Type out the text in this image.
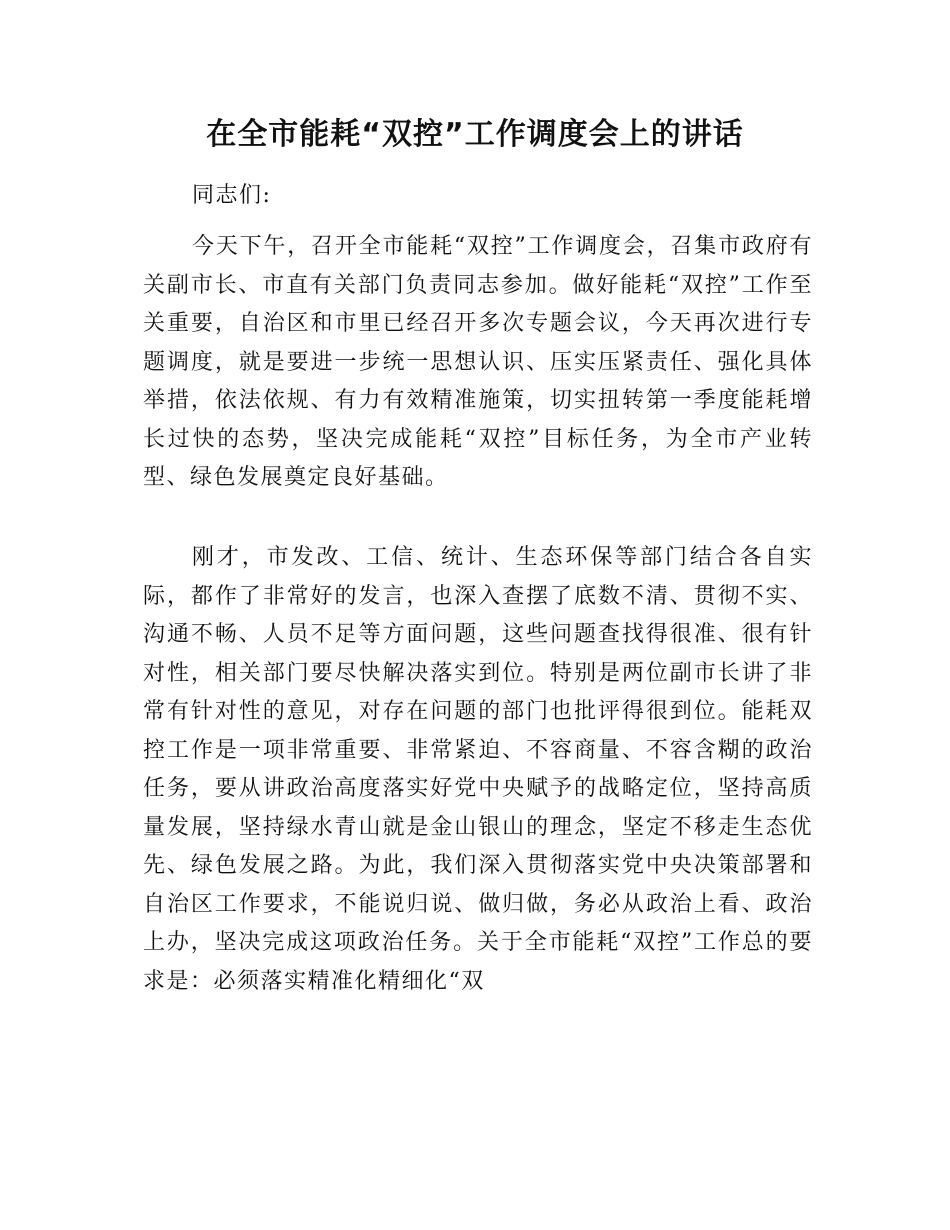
在全市能耗“双控”工作调度会上的讲话

同志们:

今天下午，召开全市能耗“双控”工作调度会，召集市政府有关副市长、市直有关部门负责同志参加。做好能耗“双控”工作至关重要，自治区和市里已经召开多次专题会议，今天再次进行专题调度，就是要进一步统一思想认识、压实压紧责任、强化具体举措，依法依规、有力有效精准施策，切实扭转第一季度能耗增长过快的态势，坚决完成能耗“双控”目标任务，为全市产业转型、绿色发展奠定良好基础。

刚才，市发改、工信、统计、生态环保等部门结合各自实际，都作了非常好的发言，也深入查摆了底数不清、贯彻不实、沟通不畅、人员不足等方面问题，这些问题查找得很准、很有针对性，相关部门要尽快解决落实到位。特别是两位副市长讲了非常有针对性的意见，对存在问题的部门也批评得很到位。能耗双控工作是一项非常重要、非常紧迫、不容商量、不容含糊的政治任务，要从讲政治高度落实好党中央赋予的战略定位，坚持高质量发展，坚持绿水青山就是金山银山的理念，坚定不移走生态优先、绿色发展之路。为此，我们深入贯彻落实党中央决策部署和自治区工作要求，不能说归说、做归做，务必从政治上看、政治上办，坚决完成这项政治任务。关于全市能耗“双控”工作总的要求是：必须落实精准化精细化“双
